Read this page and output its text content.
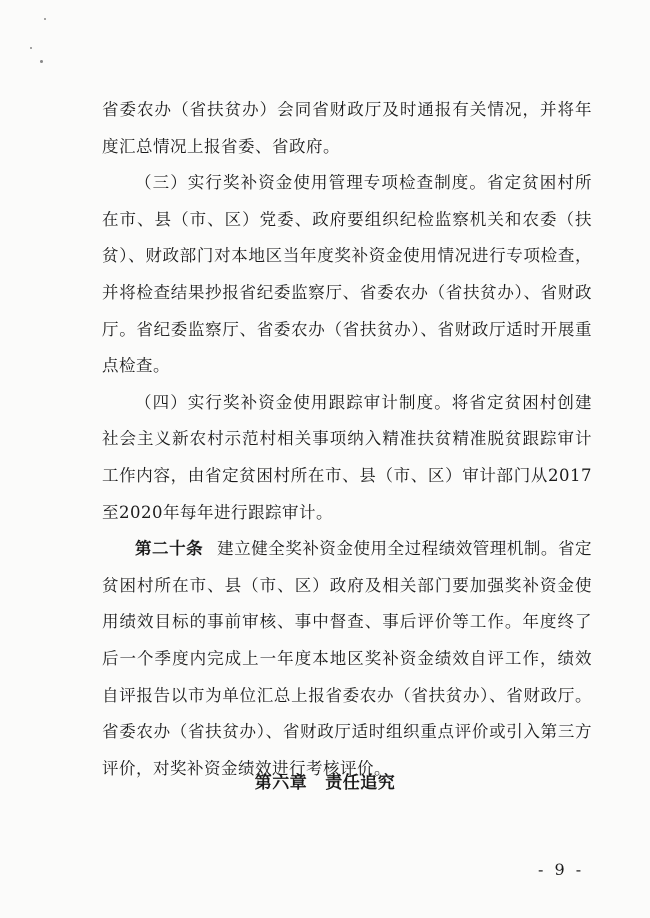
省委农办（省扶贫办）会同省财政厅及时通报有关情况，并将年度汇总情况上报省委、省政府。

（三）实行奖补资金使用管理专项检查制度。省定贫困村所在市、县（市、区）党委、政府要组织纪检监察机关和农委（扶贫）、财政部门对本地区当年度奖补资金使用情况进行专项检查，并将检查结果抄报省纪委监察厅、省委农办（省扶贫办）、省财政厅。省纪委监察厅、省委农办（省扶贫办）、省财政厅适时开展重点检查。

（四）实行奖补资金使用跟踪审计制度。将省定贫困村创建社会主义新农村示范村相关事项纳入精准扶贫精准脱贫跟踪审计工作内容，由省定贫困村所在市、县（市、区）审计部门从2017至2020年每年进行跟踪审计。

第二十条 建立健全奖补资金使用全过程绩效管理机制。省定贫困村所在市、县（市、区）政府及相关部门要加强奖补资金使用绩效目标的事前审核、事中督查、事后评价等工作。年度终了后一个季度内完成上一年度本地区奖补资金绩效自评工作，绩效自评报告以市为单位汇总上报省委农办（省扶贫办）、省财政厅。省委农办（省扶贫办）、省财政厅适时组织重点评价或引入第三方评价，对奖补资金绩效进行考核评价。

第六章 责任追究
- 9 -
